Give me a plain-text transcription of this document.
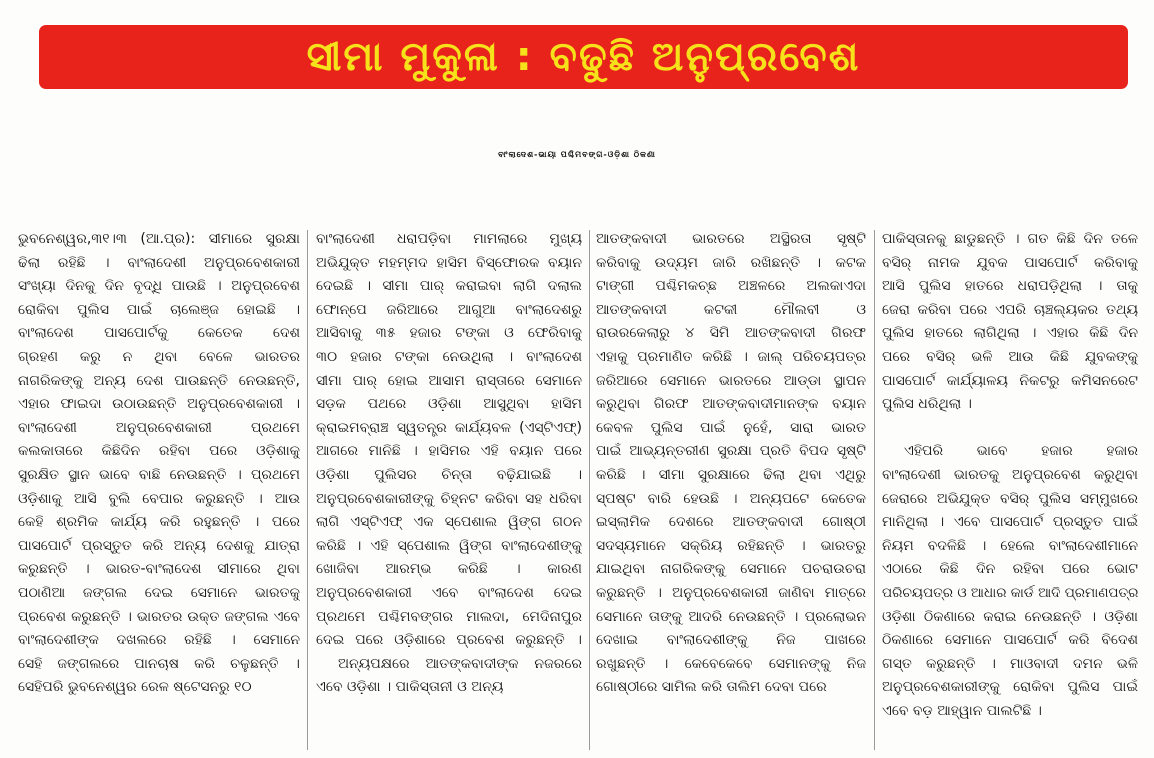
ସୀମା ମୁକୁଳା : ବଢୁଛି ଅନୁପ୍ରବେଶ
ବାଂଲାଦେଶ-ଭାୟା ପଶ୍ଚିମବଙ୍ଗ-ଓଡ଼ିଶା ଠିକଣା
ଭୁବନେଶ୍ୱର,୩୧।୩ (ଆ.ପ୍ର): ସୀମାରେ ସୁରକ୍ଷା
ଢିଲା ରହିଛି । ବାଂଲାଦେଶୀ ଅନୁପ୍ରବେଶକାରୀ
ସଂଖ୍ୟା ଦିନକୁ ଦିନ ବୃଦ୍ଧି ପାଉଛି । ଅନୁପ୍ରବେଶ
ରୋକିବା ପୁଲିସ ପାଇଁ ଚାଲେଞ୍ଜ ହୋଇଛି ।
ବାଂଲାଦେଶ ପାସପୋର୍ଟକୁ କେତେକ ଦେଶ
ଗ୍ରହଣ କରୁ ନ ଥିବା ବେଳେ ଭାରତର
ନାଗରିକଙ୍କୁ ଅନ୍ୟ ଦେଶ ପାଉଛନ୍ତି ନେଉଛନ୍ତି,
ଏହାର ଫାଇଦା ଉଠାଉଛନ୍ତି ଅନୁପ୍ରବେଶକାରୀ ।
ବାଂଲାଦେଶୀ ଅନୁପ୍ରବେଶକାରୀ ପ୍ରଥମେ
କଲକାତାରେ କିଛିଦିନ ରହିବା ପରେ ଓଡ଼ିଶାକୁ
ସୁରକ୍ଷିତ ସ୍ଥାନ ଭାବେ ବାଛି ନେଉଛନ୍ତି । ପ୍ରଥମେ
ଓଡ଼ିଶାକୁ ଆସି ବୁଲି ବେପାର କରୁଛନ୍ତି । ଆଉ
କେହି ଶ୍ରମିକ କାର୍ଯ୍ୟ କରି ରହୁଛନ୍ତି । ପରେ
ପାସପୋର୍ଟ ପ୍ରସ୍ତୁତ କରି ଅନ୍ୟ ଦେଶକୁ ଯାତ୍ରା
କରୁଛନ୍ତି । ଭାରତ-ବାଂଲାଦେଶ ସୀମାରେ ଥିବା
ପଠାଣିଆ ଜଙ୍ଗଲ ଦେଇ ସେମାନେ ଭାରତକୁ
ପ୍ରବେଶ କରୁଛନ୍ତି । ଭାରତର ଉକ୍ତ ଜଙ୍ଗଲ ଏବେ
ବାଂଲାଦେଶୀଙ୍କ ଦଖଲରେ ରହିଛି । ସେମାନେ
ସେହି ଜଙ୍ଗଲରେ ପାନଚାଷ କରି ଚଳୁଛନ୍ତି ।
ସେହିପରି ଭୁବନେଶ୍ୱର ରେଳ ଷ୍ଟେସନରୁ ୧୦
ବାଂଲାଦେଶୀ ଧରାପଡ଼ିବା ମାମଲାରେ ମୁଖ୍ୟ
ଅଭିଯୁକ୍ତ ମହମ୍ମଦ ହାସିମ ବିସ୍ଫୋରକ ବୟାନ
ଦେଇଛି । ସୀମା ପାର୍ କରାଇବା ଲାଗି ଦଲାଲ
ଫୋନ୍‌ପେ ଜରିଆରେ ଆଗୁଆ ବାଂଲାଦେଶରୁ
ଆସିବାକୁ ୩୫ ହଜାର ଟଙ୍କା ଓ ଫେରିବାକୁ
୩୦ ହଜାର ଟଙ୍କା ନେଉଥିଲା । ବାଂଲାଦେଶ
ସୀମା ପାର୍ ହୋଇ ଆସାମ ରାସ୍ତାରେ ସେମାନେ
ସଡ଼କ ପଥରେ ଓଡ଼ିଶା ଆସୁଥିବା ହାସିମ
କ୍ରାଇମବ୍ରାଞ୍ଚ ସ୍ୱତନ୍ତ୍ର କାର୍ଯ୍ୟବଳ (ଏସ୍‌ଟିଏଫ୍)
ଆଗରେ ମାନିଛି । ହାସିମର ଏହି ବୟାନ ପରେ
ଓଡ଼ିଶା ପୁଲିସର ଚିନ୍ତା ବଢ଼ିଯାଇଛି ।
ଅନୁପ୍ରବେଶକାରୀଙ୍କୁ ଚିହ୍ନଟ କରିବା ସହ ଧରିବା
ଲାଗି ଏସ୍‌ଟିଏଫ୍ ଏକ ସ୍ପେଶାଲ ୱିଙ୍ଗ ଗଠନ
କରିଛି । ଏହି ସ୍ପେଶାଲ ୱିଙ୍ଗ ବାଂଲାଦେଶୀଙ୍କୁ
ଖୋଜିବା ଆରମ୍ଭ କରିଛି । କାରଣ
ଅନୁପ୍ରବେଶକାରୀ ଏବେ ବାଂଲାଦେଶ ଦେଇ
ପ୍ରଥମେ ପଶ୍ଚିମବଙ୍ଗର ମାଲଦା, ମେଦିନାପୁର
ଦେଇ ପରେ ଓଡ଼ିଶାରେ ପ୍ରବେଶ କରୁଛନ୍ତି ।
ଅନ୍ୟପକ୍ଷରେ ଆତଙ୍କବାଦୀଙ୍କ ନଜରରେ
ଏବେ ଓଡ଼ିଶା । ପାକିସ୍ତାନୀ ଓ ଅନ୍ୟ
ଆତଙ୍କବାଦୀ ଭାରତରେ ଅସ୍ଥିରତା ସୃଷ୍ଟି
କରିବାକୁ ଉଦ୍ୟମ ଜାରି ରଖିଛନ୍ତି । କଟକ
ଟାଙ୍ଗୀ ପଶ୍ଚିମକଚ୍ଛ ଅଞ୍ଚଳରେ ଅଲକାଏଦା
ଆତଙ୍କବାଦୀ କଟକୀ ମୌଲବୀ ଓ
ରାଉରକେଲାରୁ ୪ ସିମି ଆତଙ୍କବାଦୀ ଗିରଫ
ଏହାକୁ ପ୍ରମାଣିତ କରିଛି । ଜାଲ୍ ପରିଚୟପତ୍ର
ଜରିଆରେ ସେମାନେ ଭାରତରେ ଆଡ୍ଡା ସ୍ଥାପନ
କରୁଥିବା ଗିରଫ ଆତଙ୍କବାଦୀମାନଙ୍କ ବୟାନ
କେବଳ ପୁଲିସ ପାଇଁ ନୁହେଁ, ସାରା ଭାରତ
ପାଇଁ ଆଭ୍ୟନ୍ତରୀଣ ସୁରକ୍ଷା ପ୍ରତି ବିପଦ ସୃଷ୍ଟି
କରିଛି । ସୀମା ସୁରକ୍ଷାରେ ଢିଲା ଥିବା ଏଥିରୁ
ସ୍ପଷ୍ଟ ବାରି ହେଉଛି । ଅନ୍ୟପଟେ କେତେକ
ଇସ୍‌ଲାମିକ ଦେଶରେ ଆତଙ୍କବାଦୀ ଗୋଷ୍ଠୀ
ସଦସ୍ୟମାନେ ସକ୍ରିୟ ରହିଛନ୍ତି । ଭାରତରୁ
ଯାଇଥିବା ନାଗରିକଙ୍କୁ ସେମାନେ ପଚରାଉଚରା
କରୁଛନ୍ତି । ଅନୁପ୍ରବେଶକାରୀ ଜାଣିବା ମାତ୍ରେ
ସେମାନେ ତାଙ୍କୁ ଆଦରି ନେଉଛନ୍ତି । ପ୍ରଲୋଭନ
ଦେଖାଇ ବାଂଲାଦେଶୀଙ୍କୁ ନିଜ ପାଖରେ
ରଖୁଛନ୍ତି । କେବେକେବେ ସେମାନଙ୍କୁ ନିଜ
ଗୋଷ୍ଠୀରେ ସାମିଲ କରି ତାଲିମ ଦେବା ପରେ
ପାକିସ୍ତାନକୁ ଛାଡୁଛନ୍ତି । ଗତ କିଛି ଦିନ ତଳେ
ବସିର୍ ନାମକ ଯୁବକ ପାସପୋର୍ଟ କରିବାକୁ
ଆସି ପୁଲିସ ହାତରେ ଧରାପଡ଼ିଥିଲା । ତାକୁ
ଜେରା କରିବା ପରେ ଏପରି ଚାଞ୍ଚଲ୍ୟକର ତଥ୍ୟ
ପୁଲିସ ହାତରେ ଲାଗିଥିଲା । ଏହାର କିଛି ଦିନ
ପରେ ବସିର୍ ଭଳି ଆଉ କିଛି ଯୁବକଙ୍କୁ
ପାସପୋର୍ଟ କାର୍ଯ୍ୟାଳୟ ନିକଟରୁ କମିସନରେଟ
ପୁଲିସ ଧରିଥିଲା ।
ଏହିପରି ଭାବେ ହଜାର ହଜାର
ବାଂଲାଦେଶୀ ଭାରତକୁ ଅନୁପ୍ରବେଶ କରୁଥିବା
ଜେରାରେ ଅଭିଯୁକ୍ତ ବସିର୍ ପୁଲିସ ସମ୍ମୁଖରେ
ମାନିଥିଲା । ଏବେ ପାସପୋର୍ଟ ପ୍ରସ୍ତୁତ ପାଇଁ
ନିୟମ ବଦଳିଛି । ହେଲେ ବାଂଲାଦେଶୀମାନେ
ଏଠାରେ କିଛି ଦିନ ରହିବା ପରେ ଭୋଟ
ପରିଚୟପତ୍ର ଓ ଆଧାର କାର୍ଡ ଆଦି ପ୍ରମାଣପତ୍ର
ଓଡ଼ିଶା ଠିକଣାରେ କରାଇ ନେଉଛନ୍ତି । ଓଡ଼ିଶା
ଠିକଣାରେ ସେମାନେ ପାସପୋର୍ଟ କରି ବିଦେଶ
ଗସ୍ତ କରୁଛନ୍ତି । ମାଓବାଦୀ ଦମନ ଭଳି
ଅନୁପ୍ରବେଶକାରୀଙ୍କୁ ରୋକିବା ପୁଲିସ ପାଇଁ
ଏବେ ବଡ଼ ଆହ୍ୱାନ ପାଲଟିଛି ।
